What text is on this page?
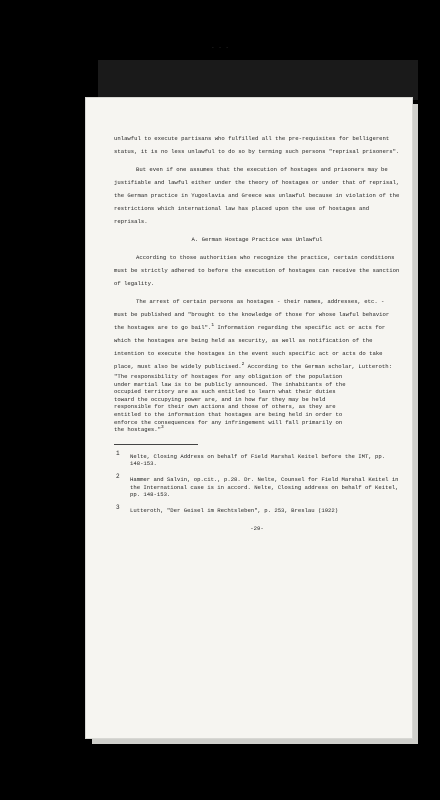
- - -

unlawful to execute partisans who fulfilled all the pre-requisites for belligerent status, it is no less unlawful to do so by terming such persons "reprisal prisoners".

But even if one assumes that the execution of hostages and prisoners may be justifiable and lawful either under the theory of hostages or under that of reprisal, the German practice in Yugoslavia and Greece was unlawful because in violation of the restrictions which international law has placed upon the use of hostages and reprisals.

A. German Hostage Practice was Unlawful

According to those authorities who recognize the practice, certain conditions must be strictly adhered to before the execution of hostages can receive the sanction of legality.

The arrest of certain persons as hostages - their names, addresses, etc. - must be published and "brought to the knowledge of those for whose lawful behavior the hostages are to go bail".$^1$ Information regarding the specific act or acts for which the hostages are being held as security, as well as notification of the intention to execute the hostages in the event such specific act or acts do take place, must also be widely publicised.$^2$ According to the German scholar, Lutteroth:

"The responsibility of hostages for any obligation of the population under martial law is to be publicly announced. The inhabitants of the occupied territory are as such entitled to learn what their duties toward the occupying power are, and in how far they may be held responsible for their own actions and those of others, as they are entitled to the information that hostages are being held in order to enforce the consequences for any infringement will fall primarily on the hostages."$^3$

1 Nelte, Closing Address on behalf of Field Marshal Keitel before the IMT, pp. 148-153.
2 Hammer and Salvin, op.cit., p.28. Dr. Nelte, Counsel for Field Marshal Keitel in the International case is in accord. Nelte, Closing address on behalf of Keitel, pp. 148-153.
3 Lutteroth, "Der Geisel im Rechtsleben", p. 253, Breslau (1922)

-29-
